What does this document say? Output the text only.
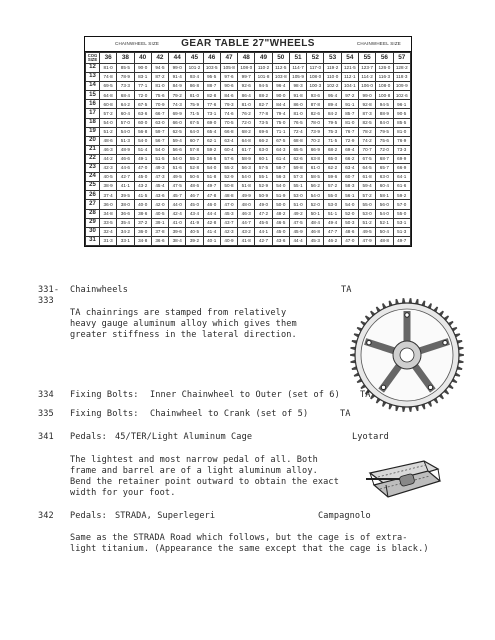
CHAINWHEEL SIZE	GEAR TABLE 27"WHEELS	CHAINWHEEL SIZE
COG
SIZE	36	38	40	42	44	45	46	47	48	49	50	51	52	53	54	55	56	57
12	81·0	85·5	90·0	94·5	99·0	101·2	103·5	105·8	108·0	110·2	112·5	114·7	117·0	119·2	121·5	123·7	126·0	128·2
13	74·8	78·9	83·1	87·2	91·4	93·4	95·5	97·6	99·7	101·8	103·8	105·9	108·0	110·0	112·1	114·2	116·3	118·3
14	69·5	73·3	77·1	81·0	84·9	86·8	88·7	90·6	92·6	94·5	96·4	98·3	100·3	102·2	104·1	106·0	108·0	109·9
15	64·8	68·4	72·0	75·6	79·2	81·0	82·8	84·6	86·4	88·2	90·0	91·8	93·6	95·4	97·2	99·0	100·8	102·6
16	60·8	64·2	67·5	70·9	74·3	75·9	77·6	79·3	81·0	82·7	84·4	86·0	87·8	89·4	91·1	92·8	94·5	96·1
17	57·2	60·4	63·6	66·7	69·9	71·5	73·1	74·6	76·2	77·8	79·4	81·0	82·6	84·2	85·7	87·3	88·9	90·5
18	54·0	57·0	60·0	63·0	66·0	67·5	69·0	70·5	72·0	73·5	75·0	76·5	78·0	79·5	81·0	82·5	84·0	85·5
19	51·2	54·0	56·8	59·7	62·5	64·0	65·4	66·8	68·2	69·6	71·1	72·4	73·9	75·3	76·7	78·2	79·5	81·0
20	48·6	51·3	54·0	56·7	59·4	60·7	62·1	63·4	64·8	66·2	67·5	68·8	70·2	71·5	72·9	74·2	75·6	76·9
21	46·3	48·9	51·4	54·0	56·6	57·8	59·2	60·4	61·7	63·0	64·3	65·5	66·9	68·2	69·4	70·7	72·0	73·3
22	44·2	46·6	49·1	51·5	54·0	55·2	56·5	57·6	58·9	60·1	61·4	62·6	63·8	65·0	66·2	67·5	68·7	69·9
23	42·3	44·6	47·0	49·3	51·6	52·8	54·0	55·2	56·3	57·5	58·7	59·8	61·0	62·2	63·4	64·5	65·7	66·9
24	40·5	42·7	45·0	47·3	49·5	50·6	51·8	52·9	54·0	55·1	56·3	57·3	58·5	59·6	60·7	61·8	63·0	64·1
25	38·9	41·1	43·2	45·4	47·5	48·6	49·7	50·8	51·8	52·9	54·0	55·1	56·2	57·2	58·3	59·4	60·4	61·6
26	37·4	39·5	41·5	43·6	45·7	46·7	47·8	48·8	49·9	50·9	51·9	53·0	54·0	55·0	56·1	57·2	58·1	59·2
27	36·0	38·0	40·0	42·0	44·0	45·0	46·0	47·0	48·0	49·0	50·0	51·0	52·0	53·0	54·0	55·0	56·0	57·0
28	34·8	36·6	38·6	40·5	42·4	43·4	44·4	45·3	46·3	47·2	48·2	49·2	50·1	51·1	52·0	53·0	54·0	55·0
29	33·5	35·4	37·2	39·1	41·0	41·9	42·8	43·7	44·7	45·6	46·5	47·5	48·4	49·4	50·3	51·2	52·1	53·1
30	32·4	34·2	36·0	37·8	39·6	40·5	41·4	42·3	43·2	44·1	45·0	45·9	46·8	47·7	48·6	49·5	50·4	51·3
31	31·3	33·1	34·8	36·6	38·4	39·2	40·1	40·9	41·8	42·7	43·6	44·4	45·3	46·2	47·0	47·9	48·8	49·7
331-
333
Chainwheels	TA
TA chainrings are stamped from relatively
heavy gauge aluminum alloy which gives them
greater stiffness in the lateral direction.
334 Fixing Bolts: Inner Chainwheel to Outer (set of 6) TA
335 Fixing Bolts: Chainwheel to Crank (set of 5)	TA
341 Pedals: 45/TER/Light Aluminum Cage	Lyotard
The lightest and most narrow pedal of all. Both
frame and barrel are of a light aluminum alloy.
Bend the retainer point outward to obtain the exact
width for your foot.
342 Pedals: STRADA, Superlegeri	Campagnolo
Same as the STRADA Road which follows, but the cage is of extra-
light titanium. (Appearance the same except that the cage is black.)
